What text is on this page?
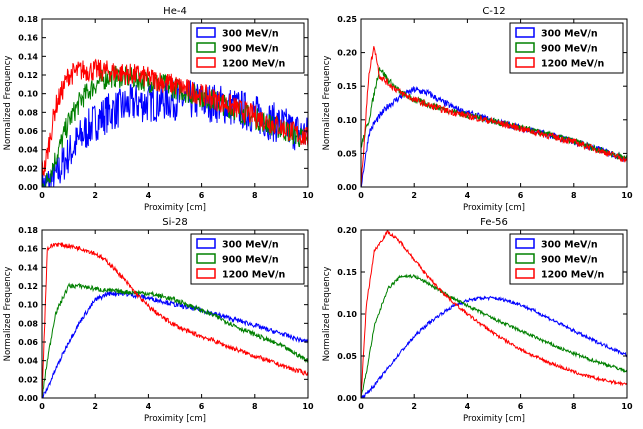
0	2	4	6	8	10
0.00
0.02
0.04
0.06
0.08
0.10
0.12
0.14
0.16
0.18
He-4
Proximity [cm]
Normalized Frequency
300 MeV/n
900 MeV/n
1200 MeV/n
0	2	4	6	8	10
0.00
0.05
0.10
0.15
0.20
0.25
C-12
Proximity [cm]
Normalized Frequency
300 MeV/n
900 MeV/n
1200 MeV/n
0	2	4	6	8	10
0.00
0.02
0.04
0.06
0.08
0.10
0.12
0.14
0.16
0.18
Si-28
Proximity [cm]
Normalized Frequency
300 MeV/n
900 MeV/n
1200 MeV/n
0	2	4	6	8	10
0.00
0.05
0.10
0.15
0.20
Fe-56
Proximity [cm]
Normalized Frequency
300 MeV/n
900 MeV/n
1200 MeV/n
